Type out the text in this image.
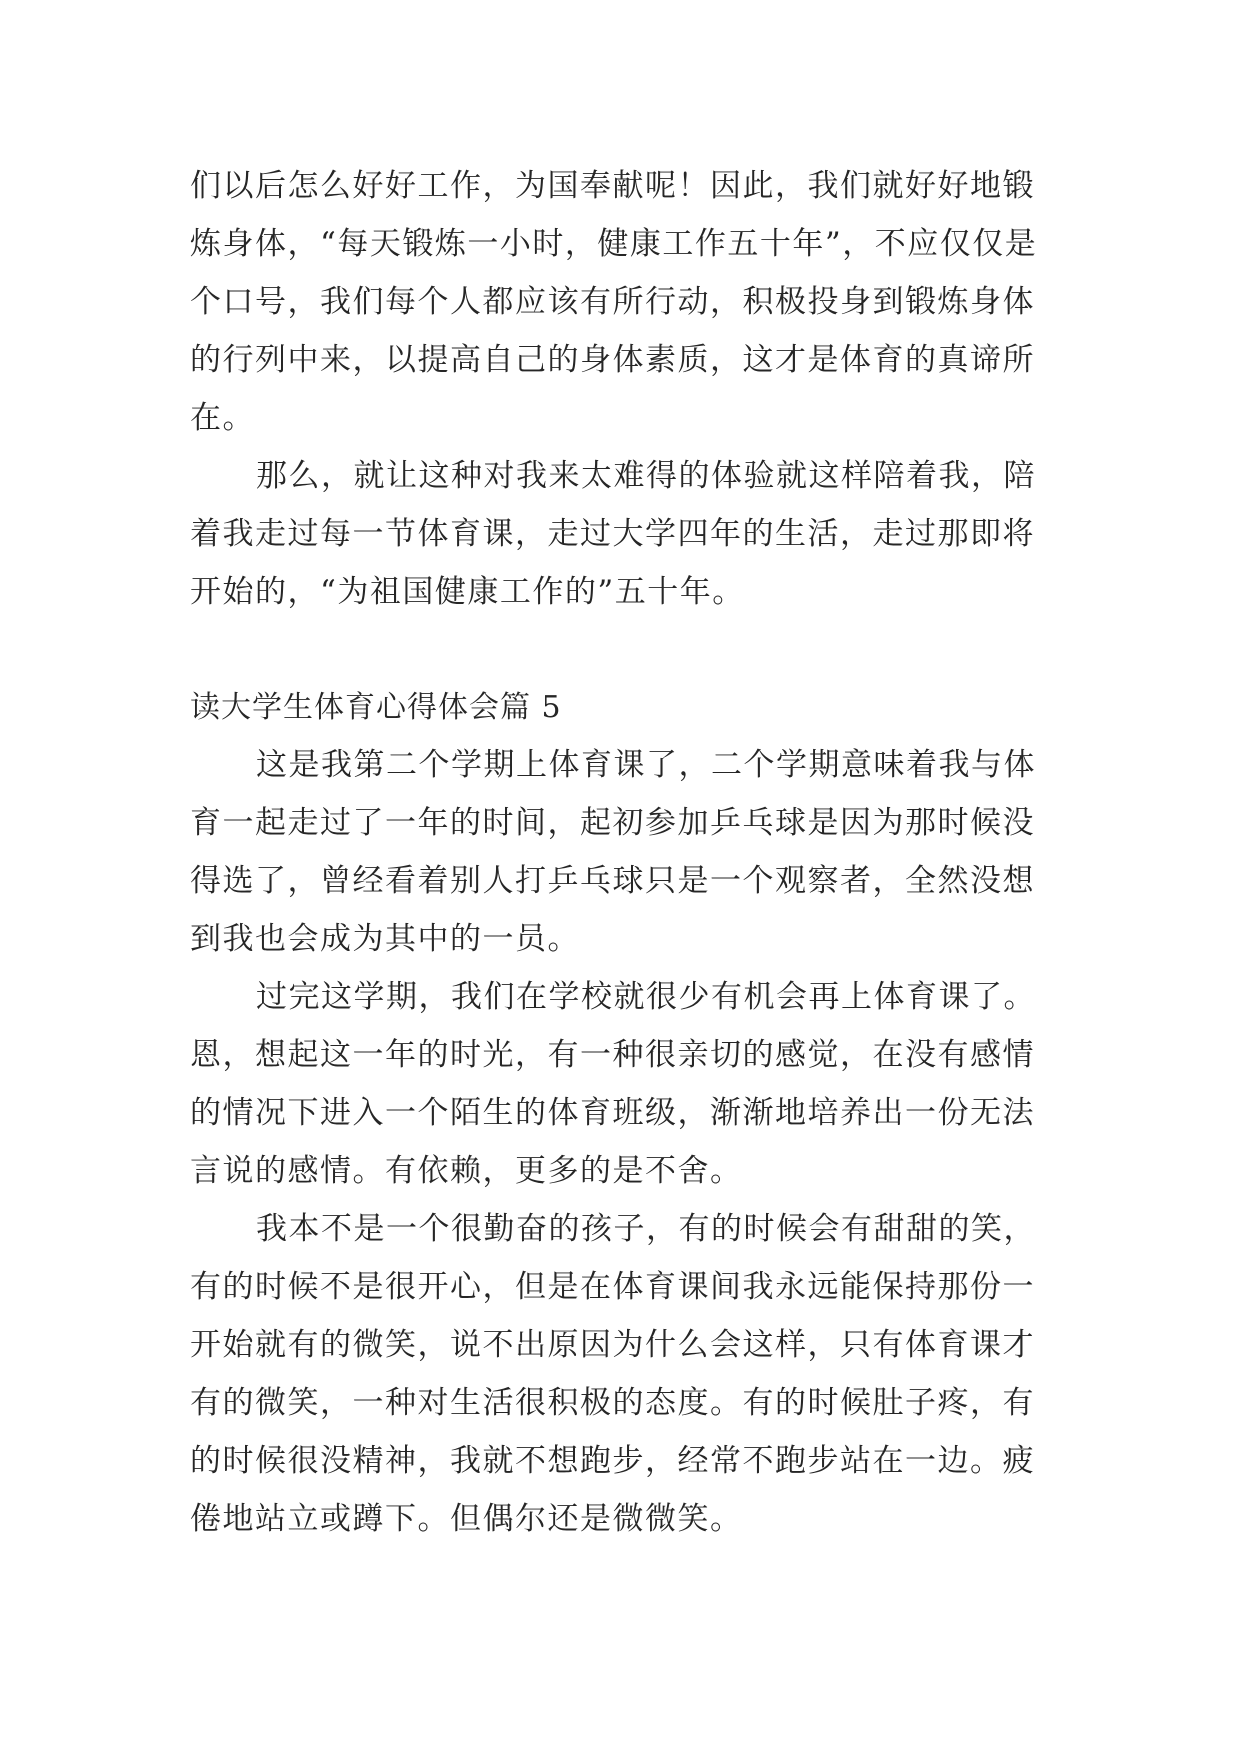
们以后怎么好好工作，为国奉献呢！因此，我们就好好地锻
炼身体，“每天锻炼一小时，健康工作五十年”，不应仅仅是
个口号，我们每个人都应该有所行动，积极投身到锻炼身体
的行列中来，以提高自己的身体素质，这才是体育的真谛所
在。
那么，就让这种对我来太难得的体验就这样陪着我，陪
着我走过每一节体育课，走过大学四年的生活，走过那即将
开始的，“为祖国健康工作的”五十年。
读大学生体育心得体会篇 5
这是我第二个学期上体育课了，二个学期意味着我与体
育一起走过了一年的时间，起初参加乒乓球是因为那时候没
得选了，曾经看着别人打乒乓球只是一个观察者，全然没想
到我也会成为其中的一员。
过完这学期，我们在学校就很少有机会再上体育课了。
恩，想起这一年的时光，有一种很亲切的感觉，在没有感情
的情况下进入一个陌生的体育班级，渐渐地培养出一份无法
言说的感情。有依赖，更多的是不舍。
我本不是一个很勤奋的孩子，有的时候会有甜甜的笑，
有的时候不是很开心，但是在体育课间我永远能保持那份一
开始就有的微笑，说不出原因为什么会这样，只有体育课才
有的微笑，一种对生活很积极的态度。有的时候肚子疼，有
的时候很没精神，我就不想跑步，经常不跑步站在一边。疲
倦地站立或蹲下。但偶尔还是微微笑。
